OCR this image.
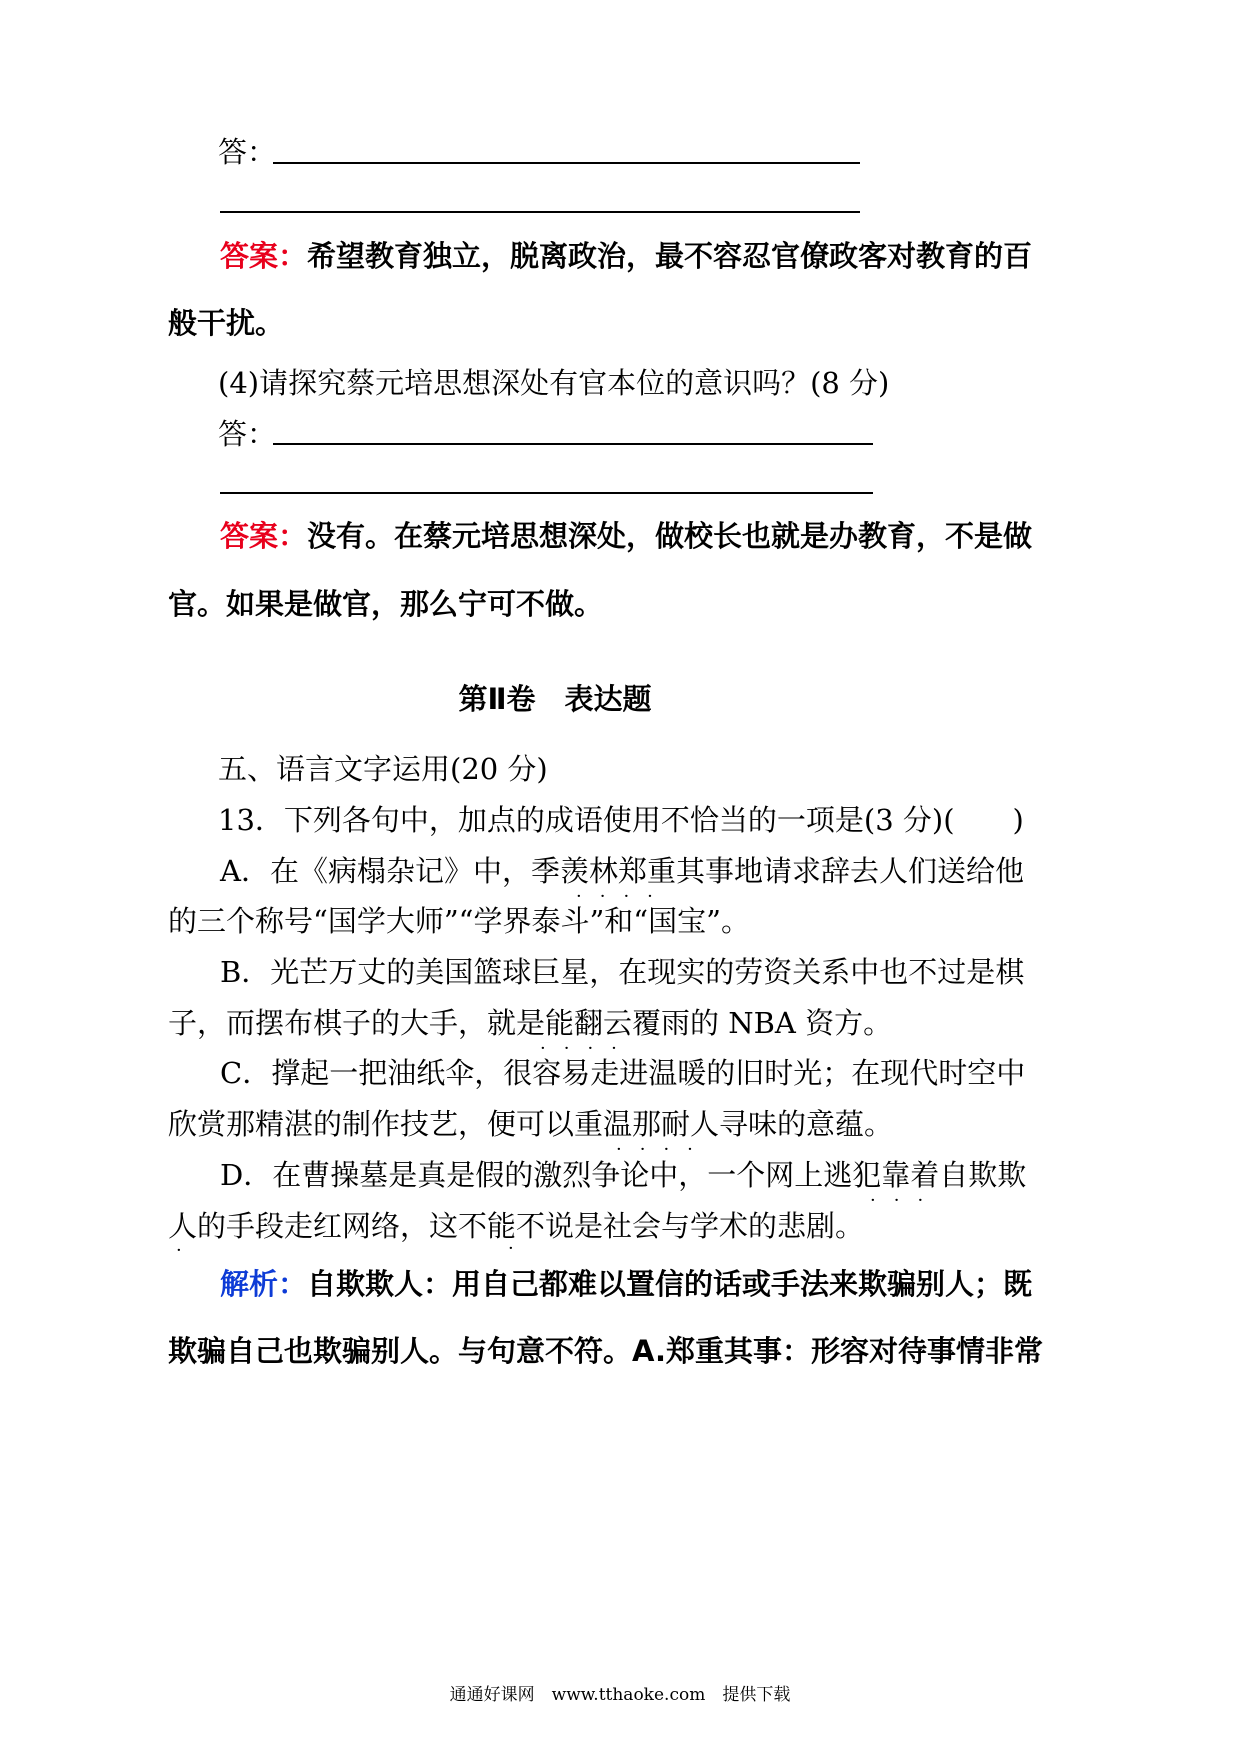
答：
答案：希望教育独立，脱离政治，最不容忍官僚政客对教育的百
般干扰。
(4)请探究蔡元培思想深处有官本位的意识吗？(8 分)
答：
答案：没有。在蔡元培思想深处，做校长也就是办教育，不是做
官。如果是做官，那么宁可不做。
第Ⅱ卷　表达题
五、语言文字运用(20 分)
13．下列各句中，加点的成语使用不恰当的一项是(3 分)(　　)
A．在《病榻杂记》中，季羡林郑重其事地请求辞去人们送给他
· · · ·
的三个称号“国学大师”“学界泰斗”和“国宝”。
B．光芒万丈的美国篮球巨星，在现实的劳资关系中也不过是棋
子，而摆布棋子的大手，就是能翻云覆雨的 NBA 资方。
· · · ·
C．撑起一把油纸伞，很容易走进温暖的旧时光；在现代时空中
欣赏那精湛的制作技艺，便可以重温那耐人寻味的意蕴。
· · · ·
D．在曹操墓是真是假的激烈争论中，一个网上逃犯靠着自欺欺
· · ·
人的手段走红网络，这不能不说是社会与学术的悲剧。
·	·
解析：自欺欺人：用自己都难以置信的话或手法来欺骗别人；既
欺骗自己也欺骗别人。与句意不符。A.郑重其事：形容对待事情非常
通通好课网　www.tthaoke.com　提供下载
